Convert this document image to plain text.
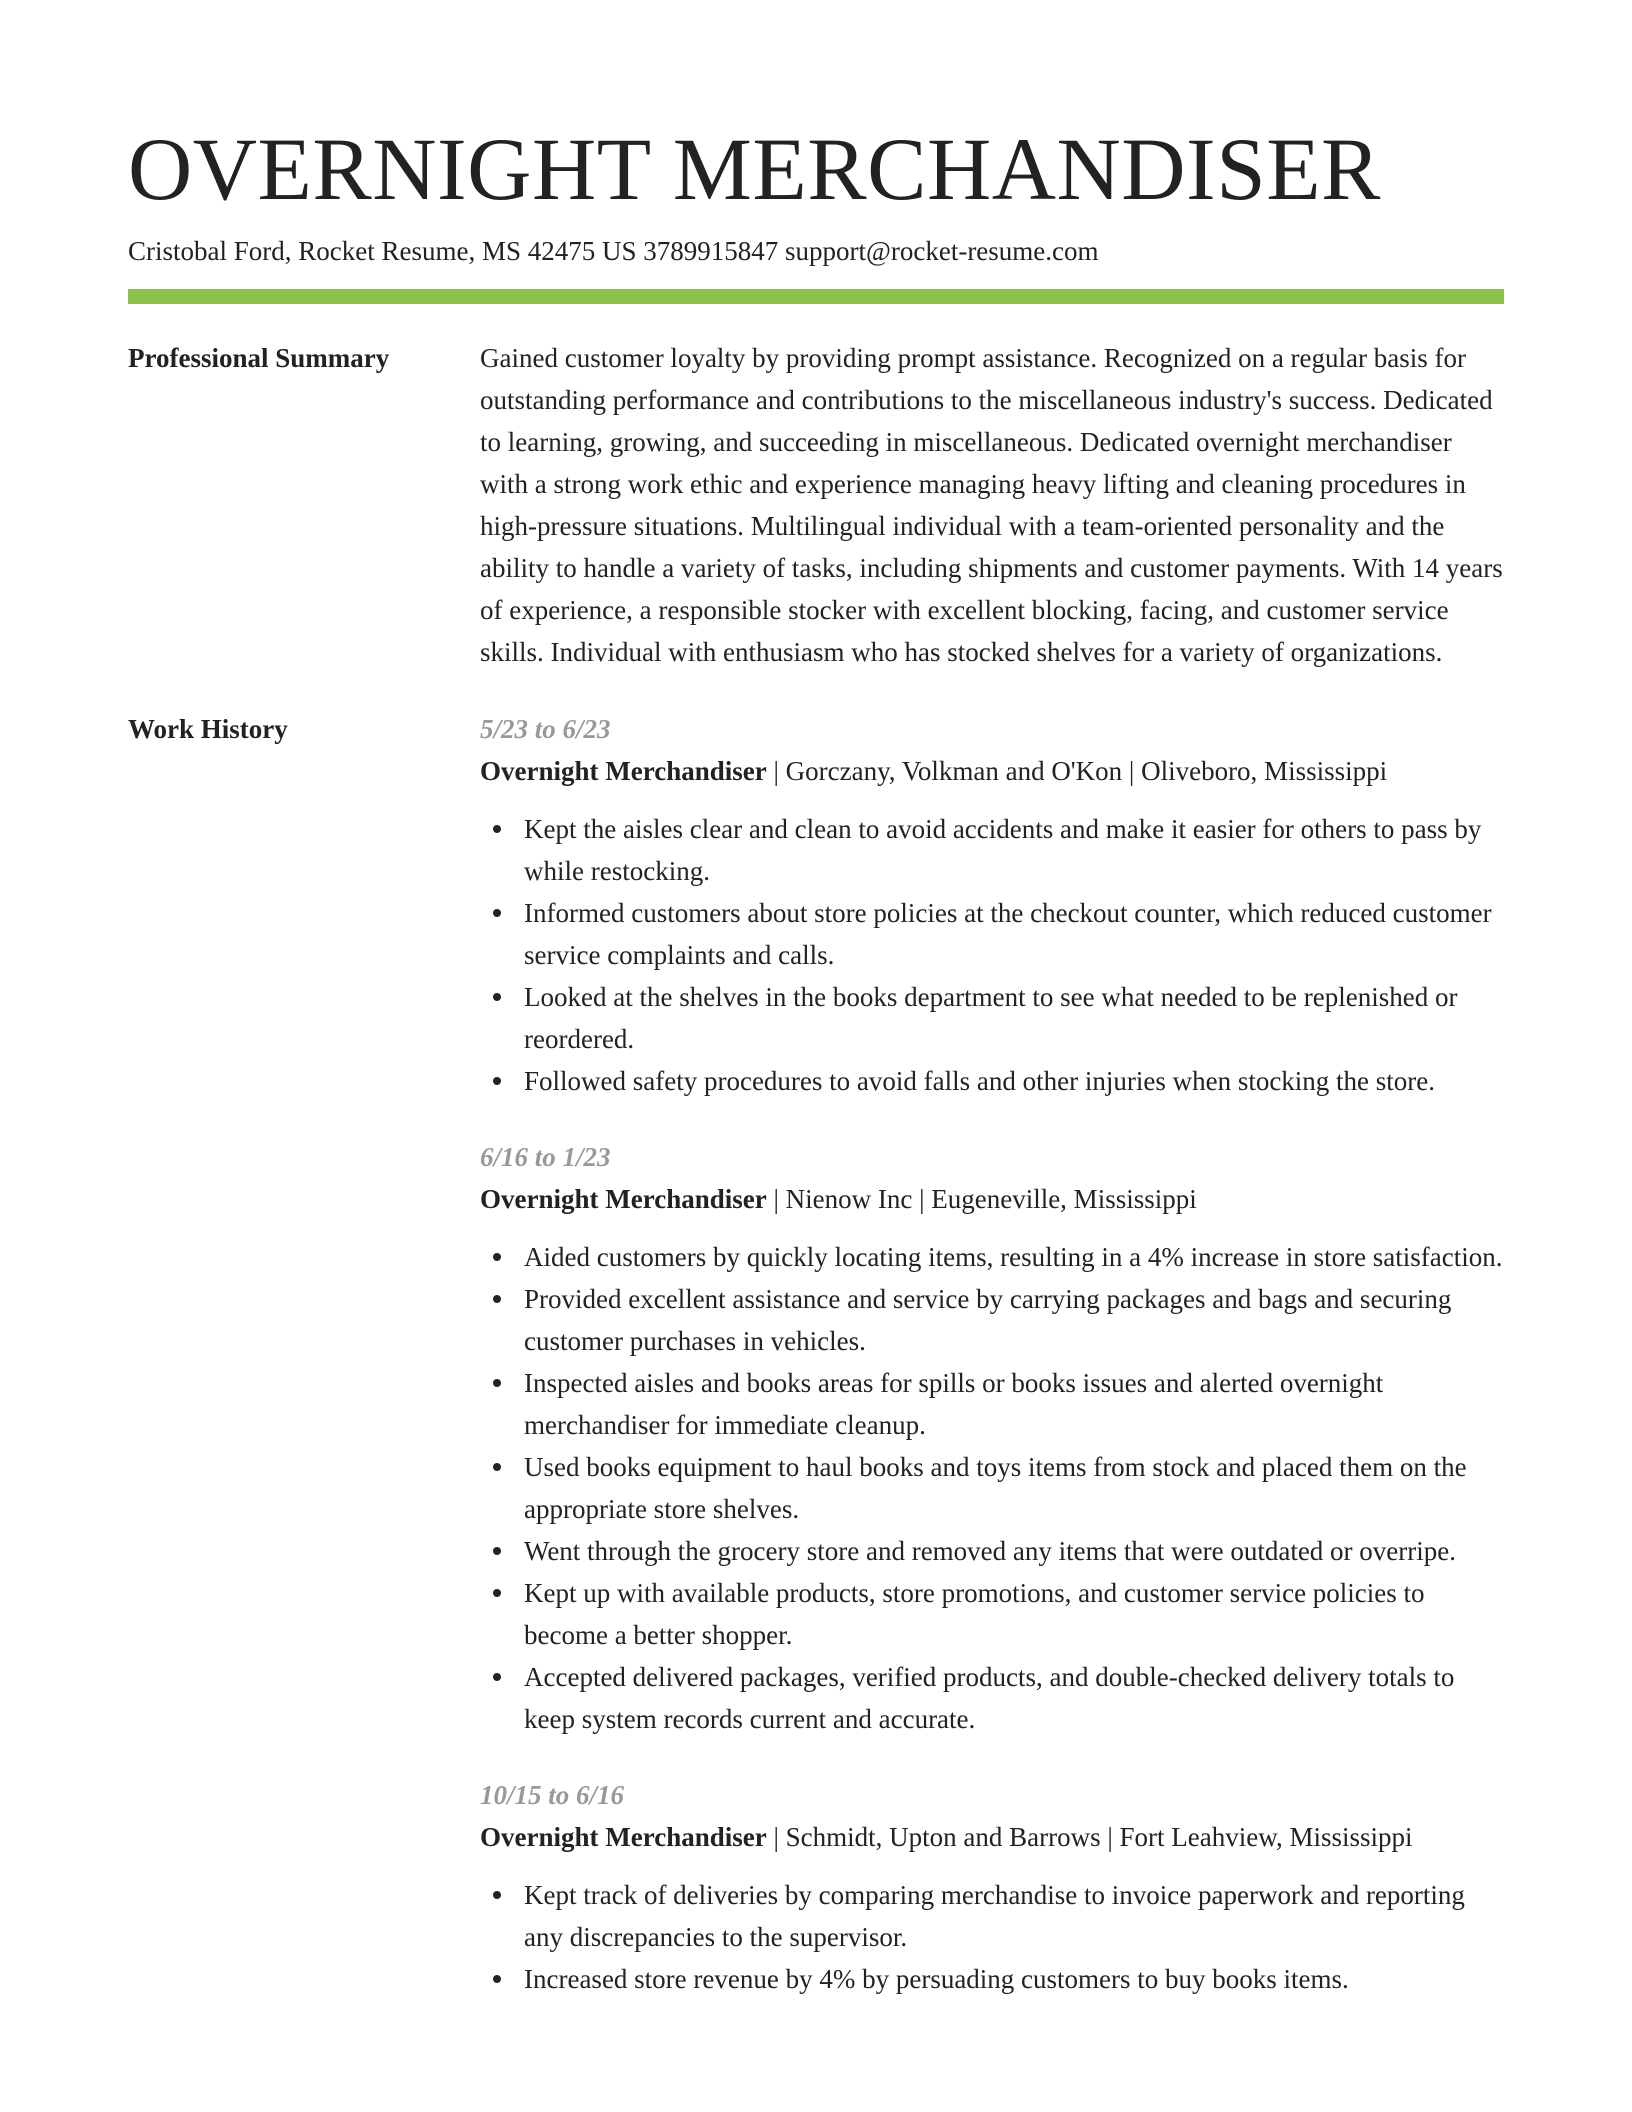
OVERNIGHT MERCHANDISER
Cristobal Ford, Rocket Resume, MS 42475 US 3789915847 support@rocket-resume.com
Professional Summary	Gained customer loyalty by providing prompt assistance. Recognized on a regular basis for outstanding performance and contributions to the miscellaneous industry's success. Dedicated to learning, growing, and succeeding in miscellaneous. Dedicated overnight merchandiser with a strong work ethic and experience managing heavy lifting and cleaning procedures in high-pressure situations. Multilingual individual with a team-oriented personality and the ability to handle a variety of tasks, including shipments and customer payments. With 14 years of experience, a responsible stocker with excellent blocking, facing, and customer service skills. Individual with enthusiasm who has stocked shelves for a variety of organizations.

Work History	5/23 to 6/23
Overnight Merchandiser | Gorczany, Volkman and O'Kon | Oliveboro, Mississippi
Kept the aisles clear and clean to avoid accidents and make it easier for others to pass by while restocking.
Informed customers about store policies at the checkout counter, which reduced customer service complaints and calls.
Looked at the shelves in the books department to see what needed to be replenished or reordered.
Followed safety procedures to avoid falls and other injuries when stocking the store.
6/16 to 1/23
Overnight Merchandiser | Nienow Inc | Eugeneville, Mississippi
Aided customers by quickly locating items, resulting in a 4% increase in store satisfaction.
Provided excellent assistance and service by carrying packages and bags and securing customer purchases in vehicles.
Inspected aisles and books areas for spills or books issues and alerted overnight merchandiser for immediate cleanup.
Used books equipment to haul books and toys items from stock and placed them on the appropriate store shelves.
Went through the grocery store and removed any items that were outdated or overripe.
Kept up with available products, store promotions, and customer service policies to become a better shopper.
Accepted delivered packages, verified products, and double-checked delivery totals to keep system records current and accurate.
10/15 to 6/16
Overnight Merchandiser | Schmidt, Upton and Barrows | Fort Leahview, Mississippi
Kept track of deliveries by comparing merchandise to invoice paperwork and reporting any discrepancies to the supervisor.
Increased store revenue by 4% by persuading customers to buy books items.
